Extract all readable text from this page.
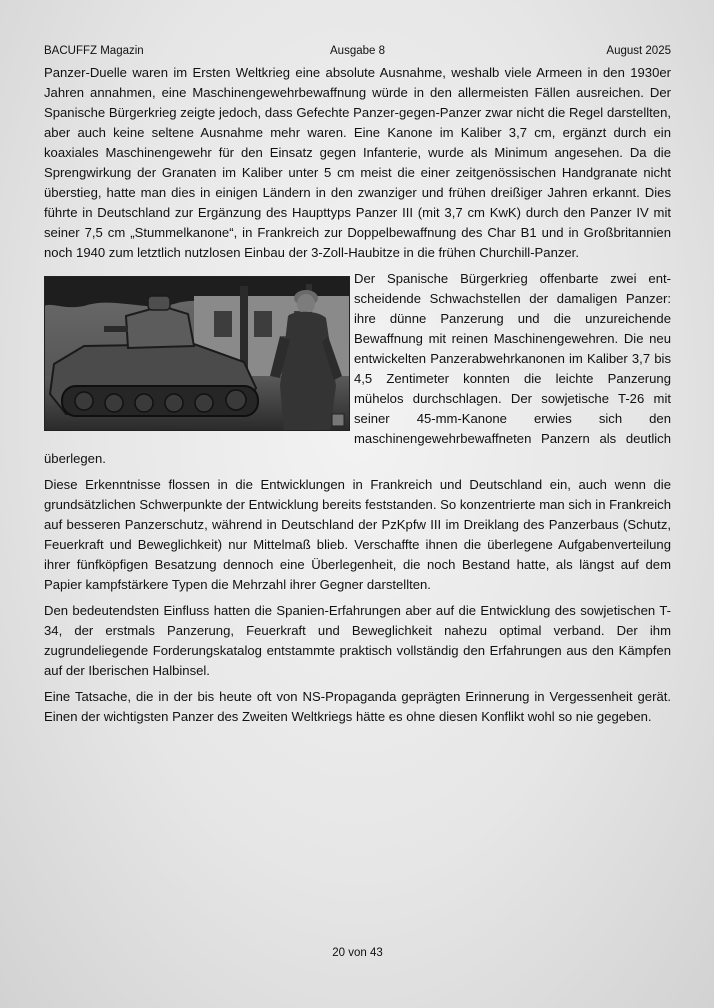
BACUFFZ Magazin	Ausgabe 8	August 2025

Panzer-Duelle waren im Ersten Weltkrieg eine absolute Ausnahme, weshalb viele Armeen in den 1930er Jahren annahmen, eine Maschinengewehrbewaffnung würde in den allermeisten Fällen ausreichen. Der Spanische Bürgerkrieg zeigte jedoch, dass Gefechte Panzer-gegen-Panzer zwar nicht die Regel darstellten, aber auch keine seltene Ausnahme mehr waren. Eine Kanone im Kaliber 3,7 cm, ergänzt durch ein koaxiales Maschinengewehr für den Einsatz gegen Infanterie, wurde als Minimum angesehen. Da die Sprengwirkung der Granaten im Kaliber unter 5 cm meist die einer zeitgenössischen Handgranate nicht überstieg, hatte man dies in einigen Ländern in den zwanziger und frühen dreißiger Jahren erkannt. Dies führte in Deutschland zur Ergänzung des Haupttyps Panzer III (mit 3,7 cm KwK) durch den Panzer IV mit seiner 7,5 cm „Stummelkanone“, in Frankreich zur Doppelbewaffnung des Char B1 und in Großbritannien noch 1940 zum letztlich nutzlosen Einbau der 3-Zoll-Haubitze in die frühen Churchill-Panzer.

Der Spanische Bürgerkrieg offenbarte zwei entscheidende Schwachstellen der damaligen Panzer: ihre dünne Panzerung und die unzureichende Bewaffnung mit reinen Maschinengewehren. Die neu entwickelten Panzerabwehrkanonen im Kaliber 3,7 bis 4,5 Zentimeter konnten die leichte Panzerung mühelos durchschlagen. Der sowjetische T-26 mit seiner 45-mm-Kanone erwies sich den maschinengewehrbewaffneten Panzern als deutlich überlegen.

Diese Erkenntnisse flossen in die Entwicklungen in Frankreich und Deutschland ein, auch wenn die grundsätzlichen Schwerpunkte der Entwicklung bereits feststanden. So konzentrierte man sich in Frankreich auf besseren Panzerschutz, während in Deutschland der PzKpfw III im Dreiklang des Panzerbaus (Schutz, Feuerkraft und Beweglichkeit) nur Mittelmaß blieb. Verschaffte ihnen die überlegene Aufgabenverteilung ihrer fünfköpfigen Besatzung dennoch eine Überlegenheit, die noch Bestand hatte, als längst auf dem Papier kampfstärkere Typen die Mehrzahl ihrer Gegner darstellten.

Den bedeutendsten Einfluss hatten die Spanien-Erfahrungen aber auf die Entwicklung des sowjetischen T-34, der erstmals Panzerung, Feuerkraft und Beweglichkeit nahezu optimal verband. Der ihm zugrundeliegende Forderungskatalog entstammte praktisch vollständig den Erfahrungen aus den Kämpfen auf der Iberischen Halbinsel.

Eine Tatsache, die in der bis heute oft von NS-Propaganda geprägten Erinnerung in Vergessenheit gerät. Einen der wichtigsten Panzer des Zweiten Weltkriegs hätte es ohne diesen Konflikt wohl so nie gegeben.

20 von 43
